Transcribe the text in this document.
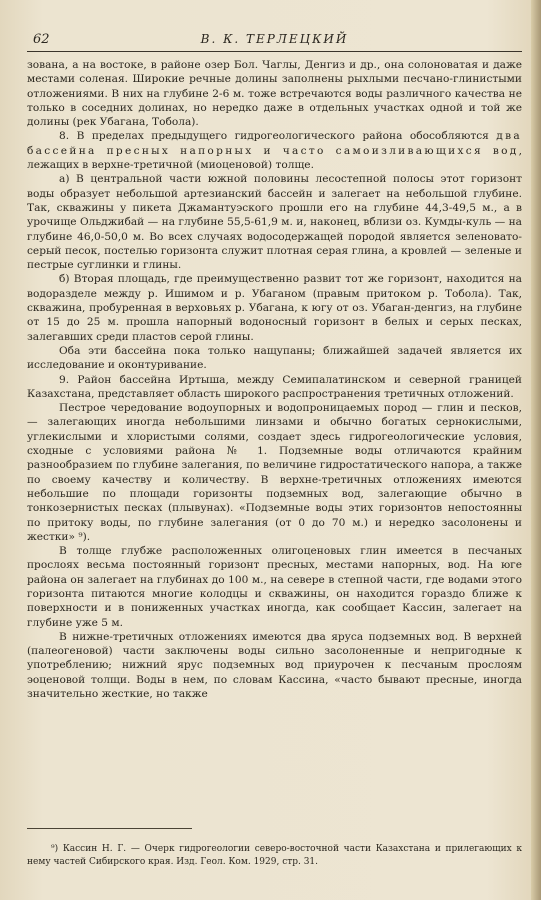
62	В. К. ТЕРЛЕЦКИЙ

зована, а на востоке, в районе озер Бол. Чаглы, Денгиз и др., она солоноватая и даже местами соленая. Широкие речные долины заполнены рыхлыми песчано-глинистыми отложениями. В них на глубине 2-6 м. тоже встречаются воды различного качества не только в соседних долинах, но нередко даже в отдельных участках одной и той же долины (рек Убагана, Тобола).

8. В пределах предыдущего гидрогеологического района обособляются два бассейна пресных напорных и часто самоизливающихся вод, лежащих в верхне-третичной (миоценовой) толще.

а) В центральной части южной половины лесостепной полосы этот горизонт воды образует небольшой артезианский бассейн и залегает на небольшой глубине. Так, скважины у пикета Джамантуэского прошли его на глубине 44,3-49,5 м., а в урочище Ольджибай — на глубине 55,5-61,9 м. и, наконец, вблизи оз. Кумды-куль — на глубине 46,0-50,0 м. Во всех случаях водосодержащей породой является зеленовато-серый песок, постелью горизонта служит плотная серая глина, а кровлей — зеленые и пестрые суглинки и глины.

б) Вторая площадь, где преимущественно развит тот же горизонт, находится на водоразделе между р. Ишимом и р. Убаганом (правым притоком р. Тобола). Так, скважина, пробуренная в верховьях р. Убагана, к югу от оз. Убаган-денгиз, на глубине от 15 до 25 м. прошла напорный водоносный горизонт в белых и серых песках, залегавших среди пластов серой глины.

Оба эти бассейна пока только нащупаны; ближайшей задачей является их исследование и оконтуривание.

9. Район бассейна Иртыша, между Семипалатинском и северной границей Казахстана, представляет область широкого распространения третичных отложений.

Пестрое чередование водоупорных и водопроницаемых пород — глин и песков, — залегающих иногда небольшими линзами и обычно богатых сернокислыми, углекислыми и хлористыми солями, создает здесь гидрогеологические условия, сходные с условиями района № 1. Подземные воды отличаются крайним разнообразием по глубине залегания, по величине гидростатического напора, а также по своему качеству и количеству. В верхне-третичных отложениях имеются небольшие по площади горизонты подземных вод, залегающие обычно в тонкозернистых песках (плывунах). «Подземные воды этих горизонтов непостоянны по притоку воды, по глубине залегания (от 0 до 70 м.) и нередко засолонены и жестки» ⁹).

В толще глубже расположенных олигоценовых глин имеется в песчаных прослоях весьма постоянный горизонт пресных, местами напорных, вод. На юге района он залегает на глубинах до 100 м., на севере в степной части, где водами этого горизонта питаются многие колодцы и скважины, он находится гораздо ближе к поверхности и в пониженных участках иногда, как сообщает Кассин, залегает на глубине уже 5 м.

В нижне-третичных отложениях имеются два яруса подземных вод. В верхней (палеогеновой) части заключены воды сильно засолоненные и непригодные к употреблению; нижний ярус подземных вод приурочен к песчаным прослоям эоценовой толщи. Воды в нем, по словам Кассина, «часто бывают пресные, иногда значительно жесткие, но также

⁹) Кассин Н. Г. — Очерк гидрогеологии северо-восточной части Казахстана и прилегающих к нему частей Сибирского края. Изд. Геол. Ком. 1929, стр. 31.
